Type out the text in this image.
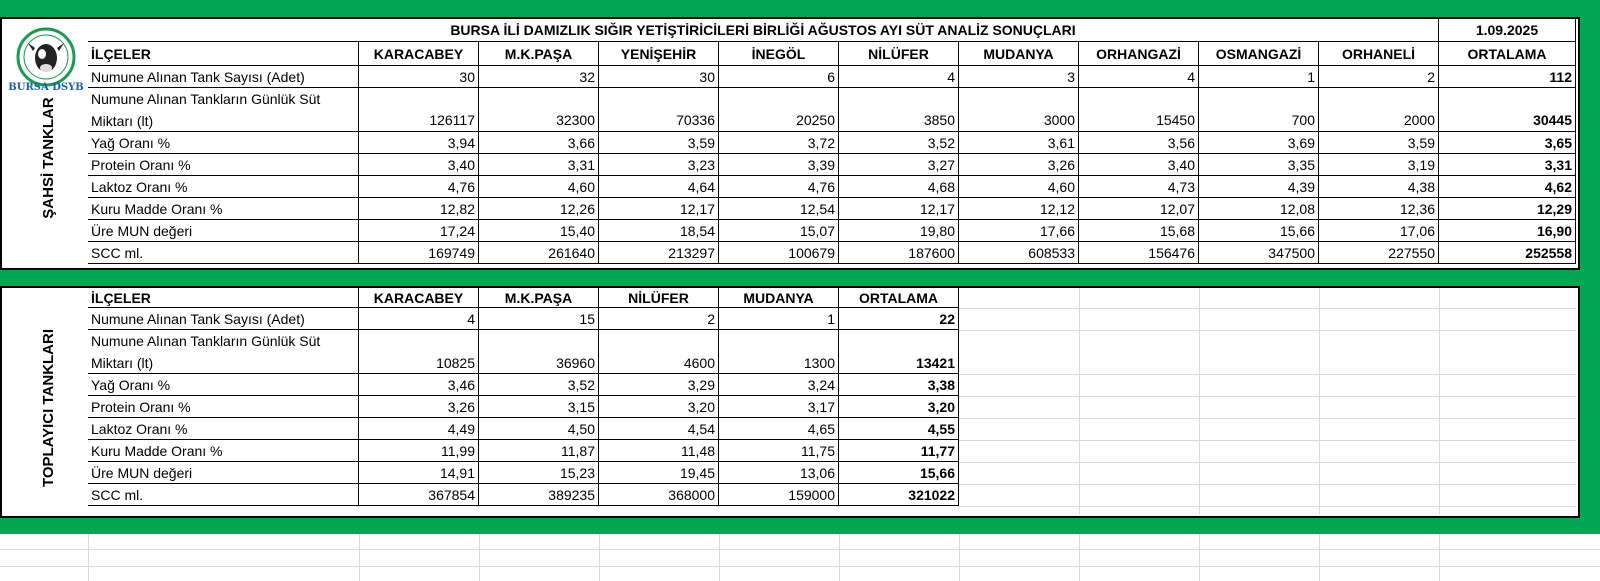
BURSA DSYB
ŞAHSİ TANKLAR
TOPLAYICI TANKLARI
BURSA İLİ DAMIZLIK SIĞIR YETİŞTİRİCİLERİ BİRLİĞİ AĞUSTOS AYI SÜT ANALİZ SONUÇLARI	1.09.2025
İLÇELER	KARACABEY	M.K.PAŞA	YENİŞEHİR	İNEGÖL	NİLÜFER	MUDANYA	ORHANGAZİ	OSMANGAZİ	ORHANELİ	ORTALAMA
Numune Alınan Tank Sayısı (Adet)	30	32	30	6	4	3	4	1	2	112
Numune Alınan Tankların Günlük Süt
Miktarı (lt)	126117	32300	70336	20250	3850	3000	15450	700	2000	30445
Yağ Oranı %	3,94	3,66	3,59	3,72	3,52	3,61	3,56	3,69	3,59	3,65
Protein Oranı %	3,40	3,31	3,23	3,39	3,27	3,26	3,40	3,35	3,19	3,31
Laktoz Oranı %	4,76	4,60	4,64	4,76	4,68	4,60	4,73	4,39	4,38	4,62
Kuru Madde Oranı %	12,82	12,26	12,17	12,54	12,17	12,12	12,07	12,08	12,36	12,29
Üre MUN değeri	17,24	15,40	18,54	15,07	19,80	17,66	15,68	15,66	17,06	16,90
SCC ml.	169749	261640	213297	100679	187600	608533	156476	347500	227550	252558
İLÇELER	KARACABEY	M.K.PAŞA	NİLÜFER	MUDANYA	ORTALAMA
Numune Alınan Tank Sayısı (Adet)	4	15	2	1	22
Numune Alınan Tankların Günlük Süt
Miktarı (lt)	10825	36960	4600	1300	13421
Yağ Oranı %	3,46	3,52	3,29	3,24	3,38
Protein Oranı %	3,26	3,15	3,20	3,17	3,20
Laktoz Oranı %	4,49	4,50	4,54	4,65	4,55
Kuru Madde Oranı %	11,99	11,87	11,48	11,75	11,77
Üre MUN değeri	14,91	15,23	19,45	13,06	15,66
SCC ml.	367854	389235	368000	159000	321022
